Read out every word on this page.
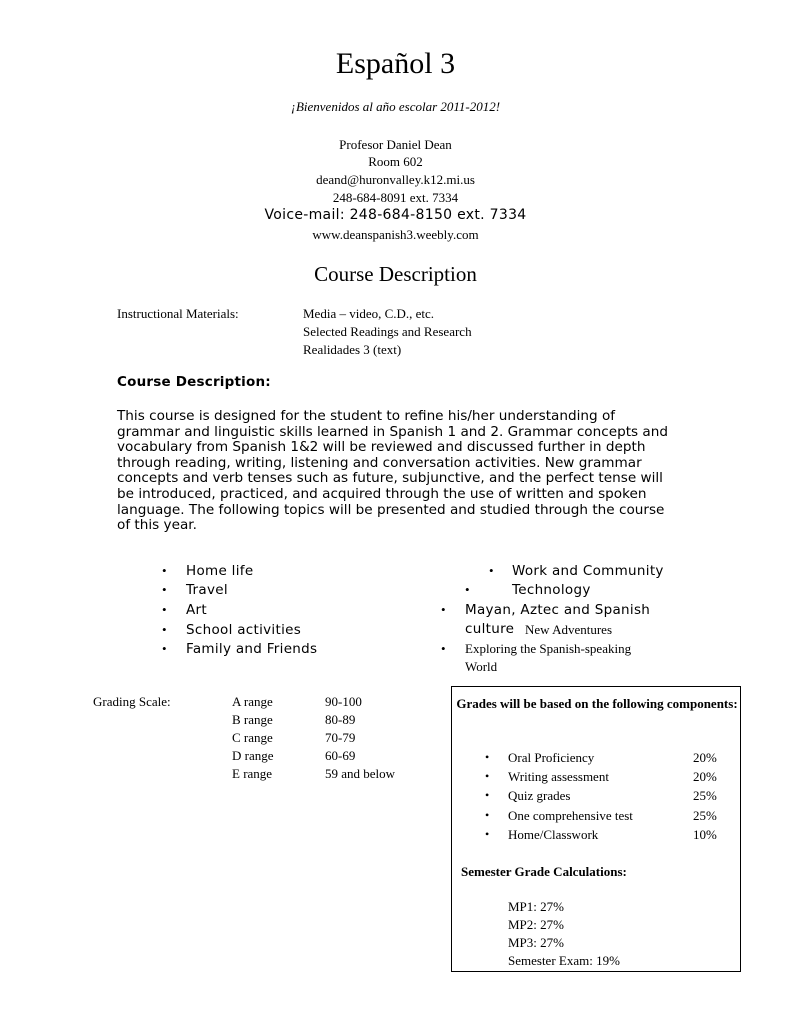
Español 3
¡Bienvenidos al año escolar 2011-2012!
Profesor Daniel Dean
Room 602
deand@huronvalley.k12.mi.us
248-684-8091 ext. 7334
Voice-mail: 248-684-8150 ext. 7334
www.deanspanish3.weebly.com
Course Description
Instructional Materials:	Media – video, C.D., etc.
Selected Readings and Research
Realidades 3 (text)
Course Description:
This course is designed for the student to refine his/her understanding of grammar and linguistic skills learned in Spanish 1 and 2. Grammar concepts and vocabulary from Spanish 1&2 will be reviewed and discussed further in depth through reading, writing, listening and conversation activities. New grammar concepts and verb tenses such as future, subjunctive, and the perfect tense will be introduced, practiced, and acquired through the use of written and spoken language. The following topics will be presented and studied through the course of this year.
• Home life
• Travel
• Art
• School activities
• Family and Friends
• Work and Community
•	Technology
• Mayan, Aztec and Spanish
culture New Adventures
• Exploring the Spanish-speaking
World
Grading Scale:	A range	90-100
B range	80-89
C range	70-79
D range	60-69
E range	59 and below
Grades will be based on the following components:
• Oral Proficiency	20%
• Writing assessment	20%
• Quiz grades	25%
• One comprehensive test	25%
• Home/Classwork	10%
Semester Grade Calculations:
MP1: 27%
MP2: 27%
MP3: 27%
Semester Exam: 19%
